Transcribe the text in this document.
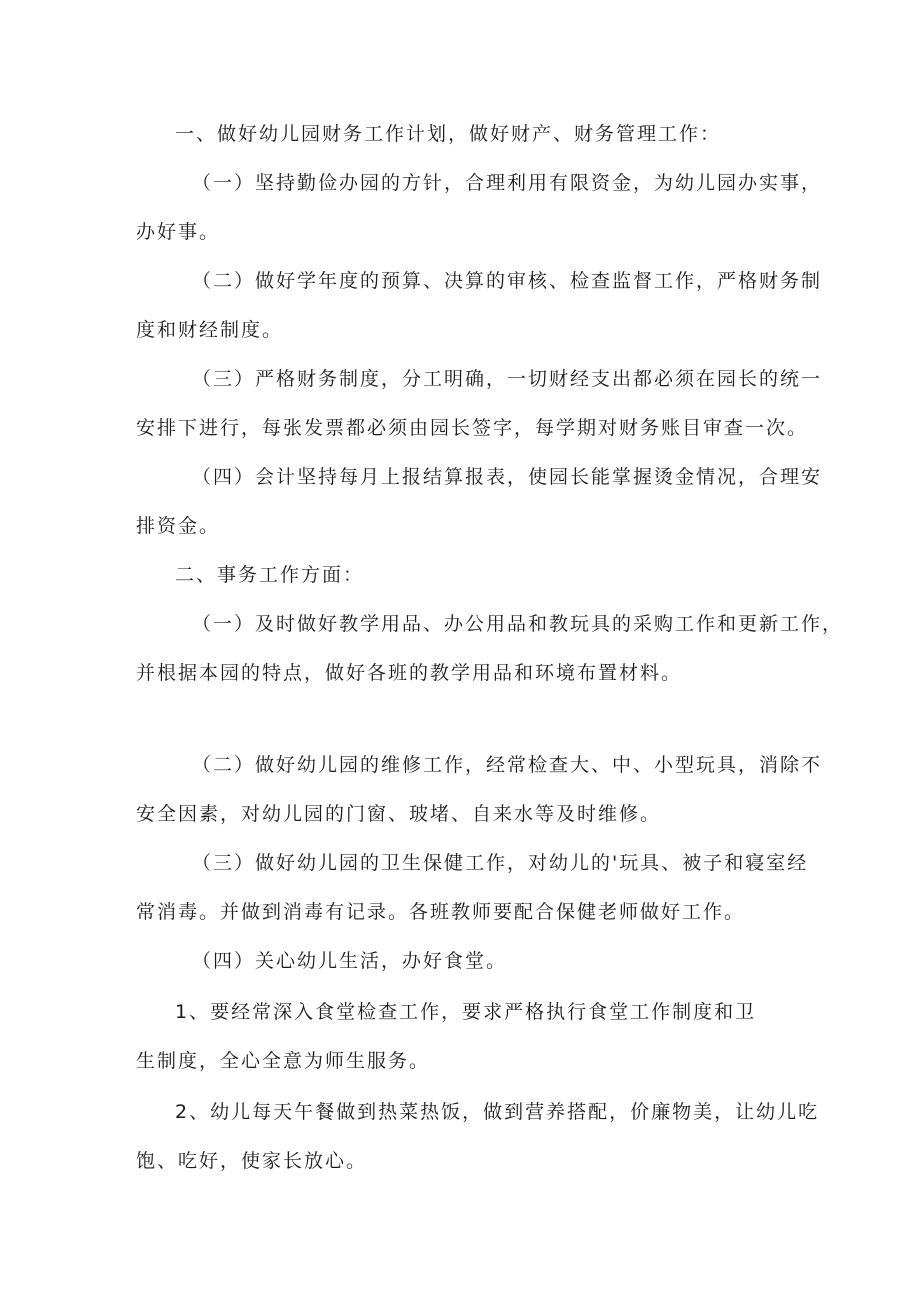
一、做好幼儿园财务工作计划，做好财产、财务管理工作：
（一）坚持勤俭办园的方针，合理利用有限资金，为幼儿园办实事，
办好事。
（二）做好学年度的预算、决算的审核、检查监督工作，严格财务制
度和财经制度。
（三）严格财务制度，分工明确，一切财经支出都必须在园长的统一
安排下进行，每张发票都必须由园长签字，每学期对财务账目审查一次。
（四）会计坚持每月上报结算报表，使园长能掌握烫金情况，合理安
排资金。
二、事务工作方面：
（一）及时做好教学用品、办公用品和教玩具的采购工作和更新工作，
并根据本园的特点，做好各班的教学用品和环境布置材料。
（二）做好幼儿园的维修工作，经常检查大、中、小型玩具，消除不
安全因素，对幼儿园的门窗、玻堵、自来水等及时维修。
（三）做好幼儿园的卫生保健工作，对幼儿的'玩具、被子和寝室经
常消毒。并做到消毒有记录。各班教师要配合保健老师做好工作。
（四）关心幼儿生活，办好食堂。
1、要经常深入食堂检查工作，要求严格执行食堂工作制度和卫
生制度，全心全意为师生服务。
2、幼儿每天午餐做到热菜热饭，做到营养搭配，价廉物美，让幼儿吃
饱、吃好，使家长放心。
